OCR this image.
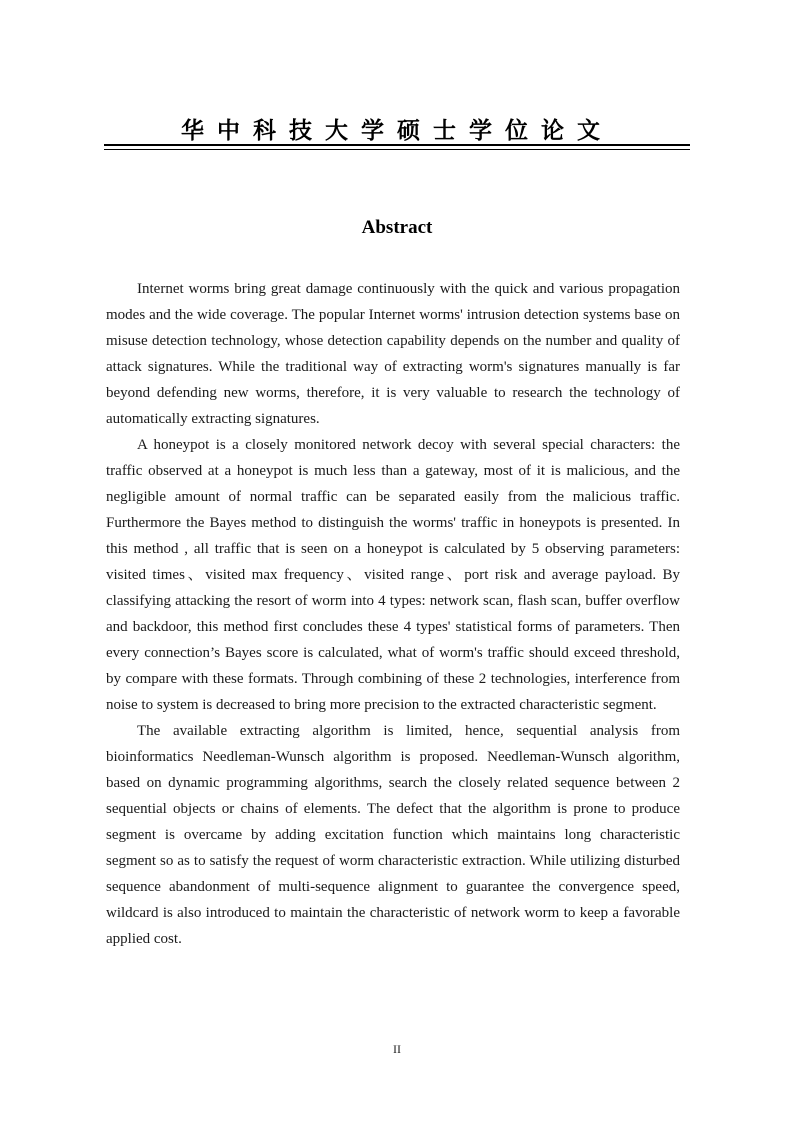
华中科技大学硕士学位论文
Abstract

Internet worms bring great damage continuously with the quick and various propagation modes and the wide coverage. The popular Internet worms' intrusion detection systems base on misuse detection technology, whose detection capability depends on the number and quality of attack signatures. While the traditional way of extracting worm's signatures manually is far beyond defending new worms, therefore, it is very valuable to research the technology of automatically extracting signatures.

A honeypot is a closely monitored network decoy with several special characters: the traffic observed at a honeypot is much less than a gateway, most of it is malicious, and the negligible amount of normal traffic can be separated easily from the malicious traffic. Furthermore the Bayes method to distinguish the worms' traffic in honeypots is presented. In this method , all traffic that is seen on a honeypot is calculated by 5 observing parameters: visited times、visited max frequency、visited range、port risk and average payload. By classifying attacking the resort of worm into 4 types: network scan, flash scan, buffer overflow and backdoor, this method first concludes these 4 types' statistical forms of parameters. Then every connection’s Bayes score is calculated, what of worm's traffic should exceed threshold, by compare with these formats. Through combining of these 2 technologies, interference from noise to system is decreased to bring more precision to the extracted characteristic segment.

The available extracting algorithm is limited, hence, sequential analysis from bioinformatics Needleman-Wunsch algorithm is proposed. Needleman-Wunsch algorithm, based on dynamic programming algorithms, search the closely related sequence between 2 sequential objects or chains of elements. The defect that the algorithm is prone to produce segment is overcame by adding excitation function which maintains long characteristic segment so as to satisfy the request of worm characteristic extraction. While utilizing disturbed sequence abandonment of multi-sequence alignment to guarantee the convergence speed, wildcard is also introduced to maintain the characteristic of network worm to keep a favorable applied cost.

II
